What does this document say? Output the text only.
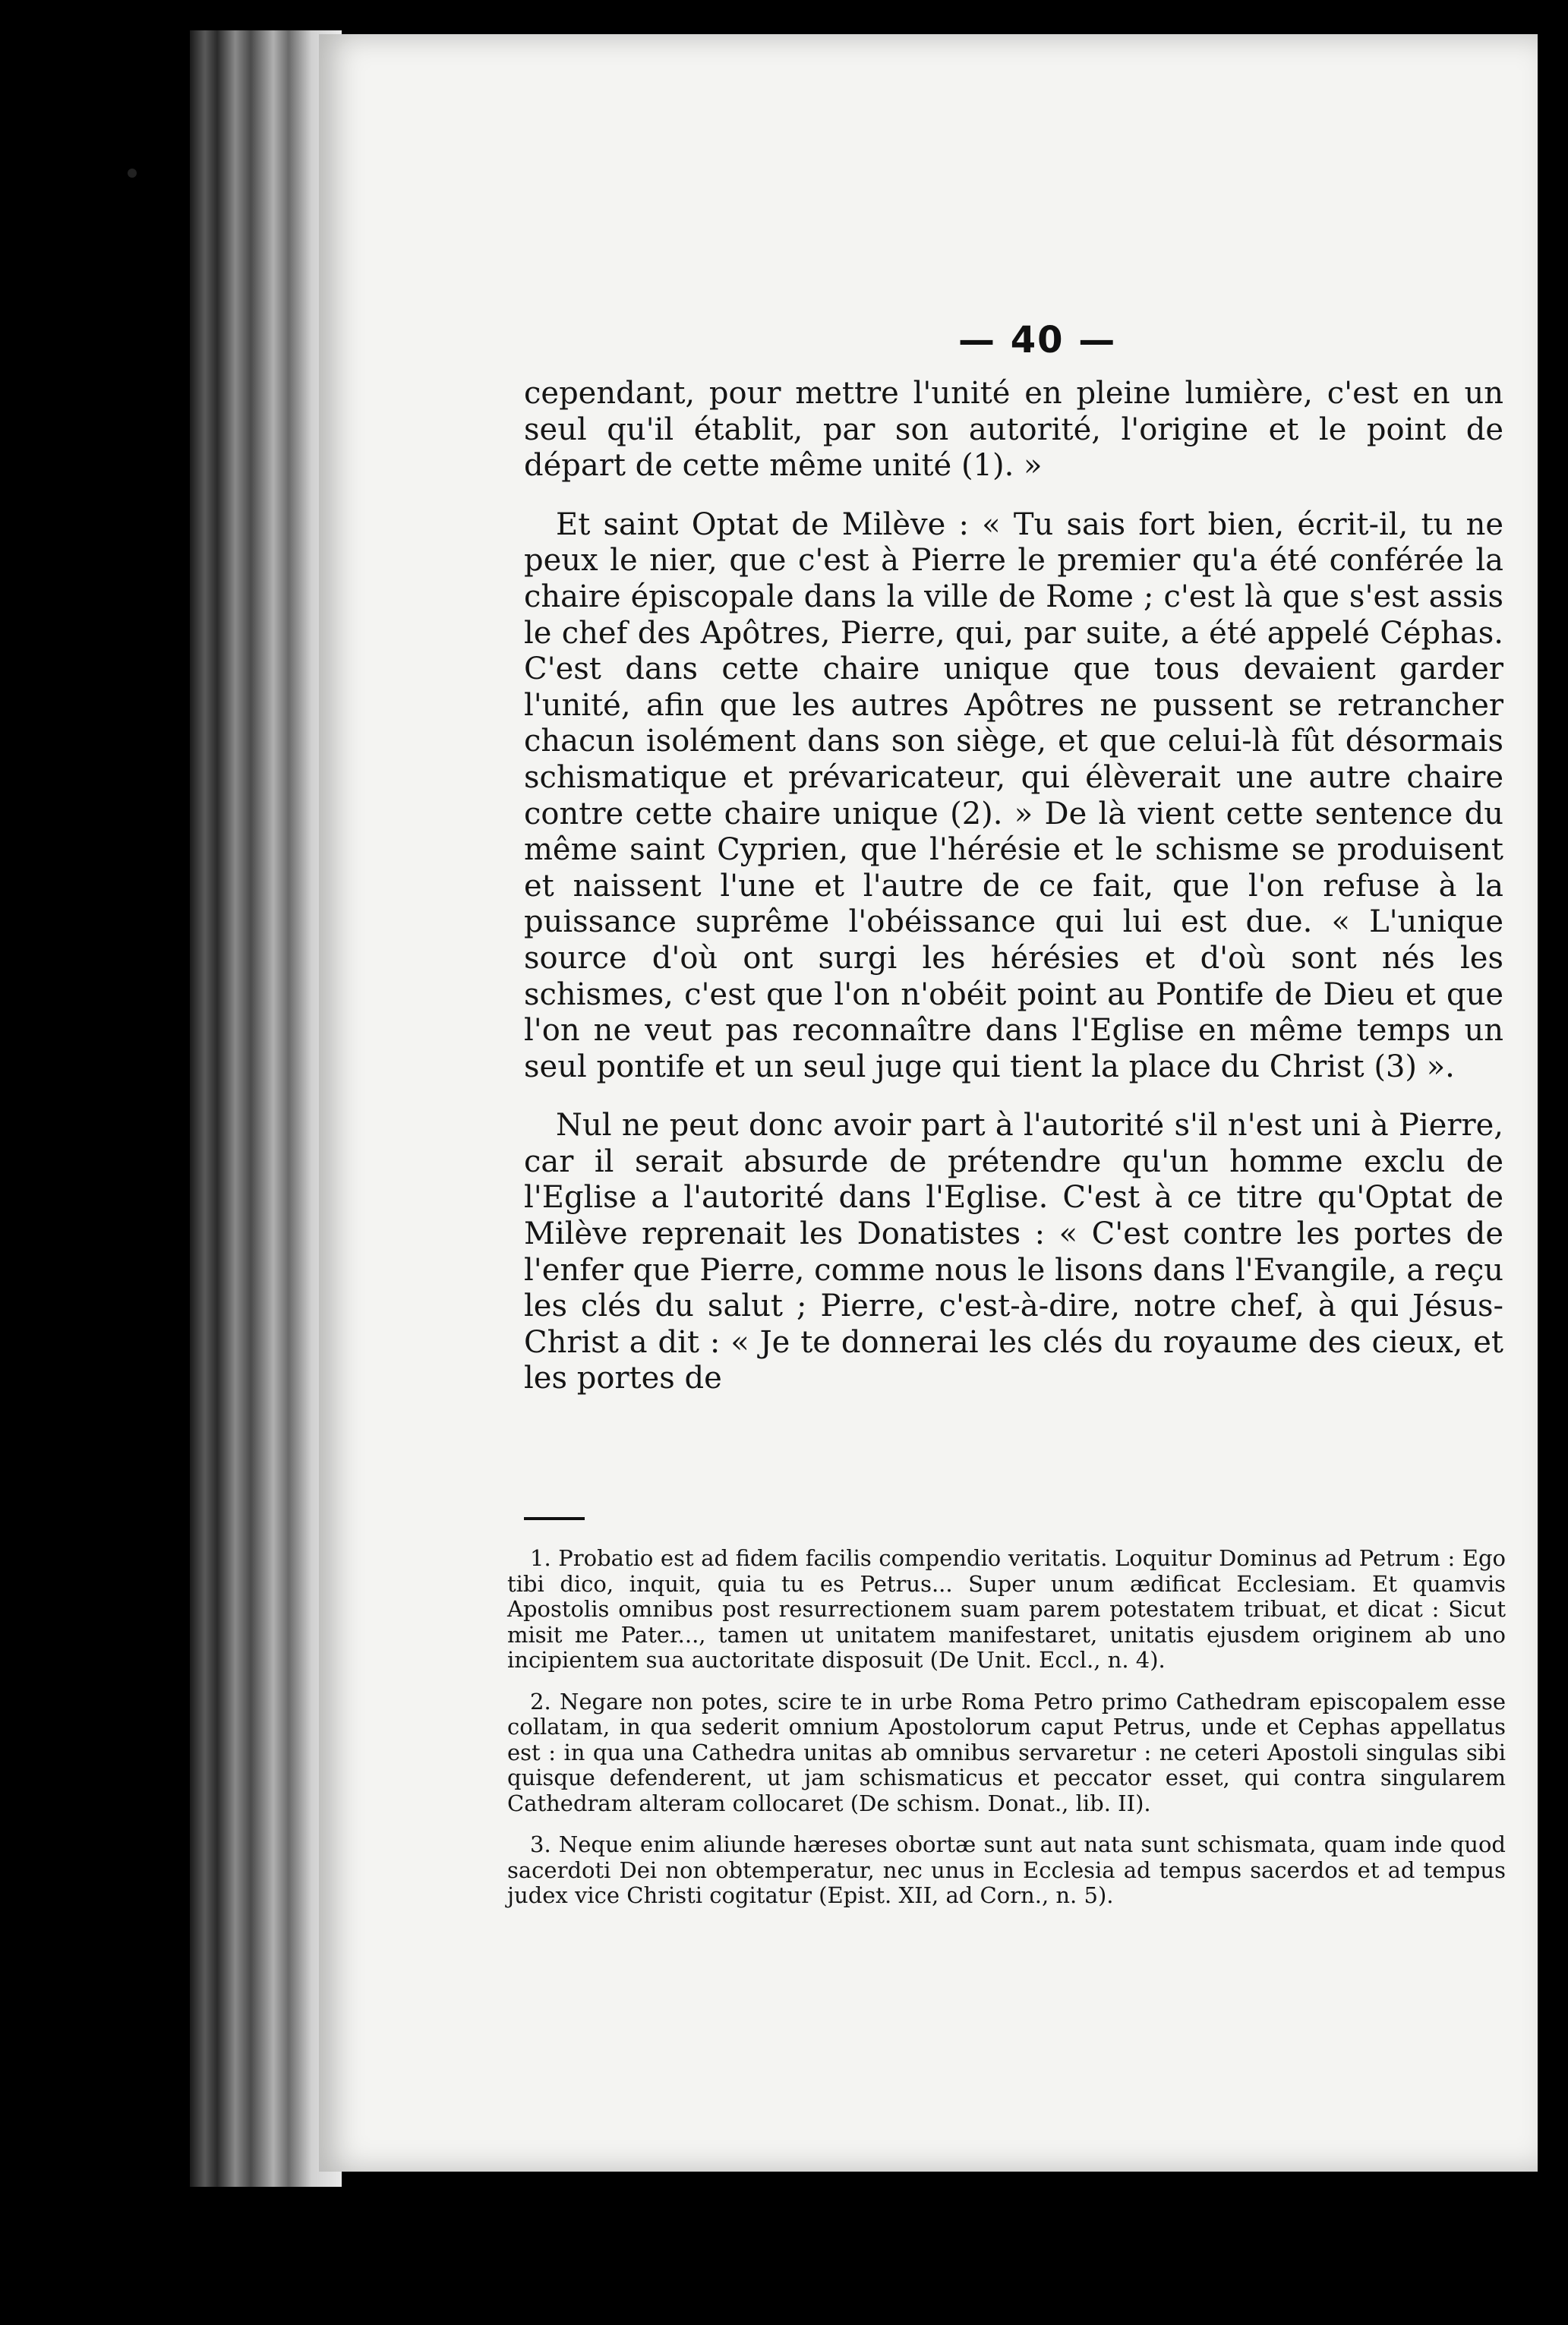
— 40 —

cependant, pour mettre l'unité en pleine lumière, c'est en un seul qu'il établit, par son autorité, l'origine et le point de départ de cette même unité (1). »

Et saint Optat de Milève : « Tu sais fort bien, écrit-il, tu ne peux le nier, que c'est à Pierre le premier qu'a été conférée la chaire épiscopale dans la ville de Rome ; c'est là que s'est assis le chef des Apôtres, Pierre, qui, par suite, a été appelé Céphas. C'est dans cette chaire unique que tous devaient garder l'unité, afin que les autres Apôtres ne pussent se retrancher chacun isolément dans son siège, et que celui-là fût désormais schismatique et prévaricateur, qui élèverait une autre chaire contre cette chaire unique (2). » De là vient cette sentence du même saint Cyprien, que l'hérésie et le schisme se produisent et naissent l'une et l'autre de ce fait, que l'on refuse à la puissance suprême l'obéissance qui lui est due. « L'unique source d'où ont surgi les hérésies et d'où sont nés les schismes, c'est que l'on n'obéit point au Pontife de Dieu et que l'on ne veut pas reconnaître dans l'Eglise en même temps un seul pontife et un seul juge qui tient la place du Christ (3) ».

Nul ne peut donc avoir part à l'autorité s'il n'est uni à Pierre, car il serait absurde de prétendre qu'un homme exclu de l'Eglise a l'autorité dans l'Eglise. C'est à ce titre qu'Optat de Milève reprenait les Donatistes : « C'est contre les portes de l'enfer que Pierre, comme nous le lisons dans l'Evangile, a reçu les clés du salut ; Pierre, c'est-à-dire, notre chef, à qui Jésus-Christ a dit : « Je te donnerai les clés du royaume des cieux, et les portes de

1. Probatio est ad fidem facilis compendio veritatis. Loquitur Dominus ad Petrum : Ego tibi dico, inquit, quia tu es Petrus... Super unum ædificat Ecclesiam. Et quamvis Apostolis omnibus post resurrectionem suam parem potestatem tribuat, et dicat : Sicut misit me Pater..., tamen ut unitatem manifestaret, unitatis ejusdem originem ab uno incipientem sua auctoritate disposuit (De Unit. Eccl., n. 4).

2. Negare non potes, scire te in urbe Roma Petro primo Cathedram episcopalem esse collatam, in qua sederit omnium Apostolorum caput Petrus, unde et Cephas appellatus est : in qua una Cathedra unitas ab omnibus servaretur : ne ceteri Apostoli singulas sibi quisque defenderent, ut jam schismaticus et peccator esset, qui contra singularem Cathedram alteram collocaret (De schism. Donat., lib. II).

3. Neque enim aliunde hæreses obortæ sunt aut nata sunt schismata, quam inde quod sacerdoti Dei non obtemperatur, nec unus in Ecclesia ad tempus sacerdos et ad tempus judex vice Christi cogitatur (Epist. XII, ad Corn., n. 5).
